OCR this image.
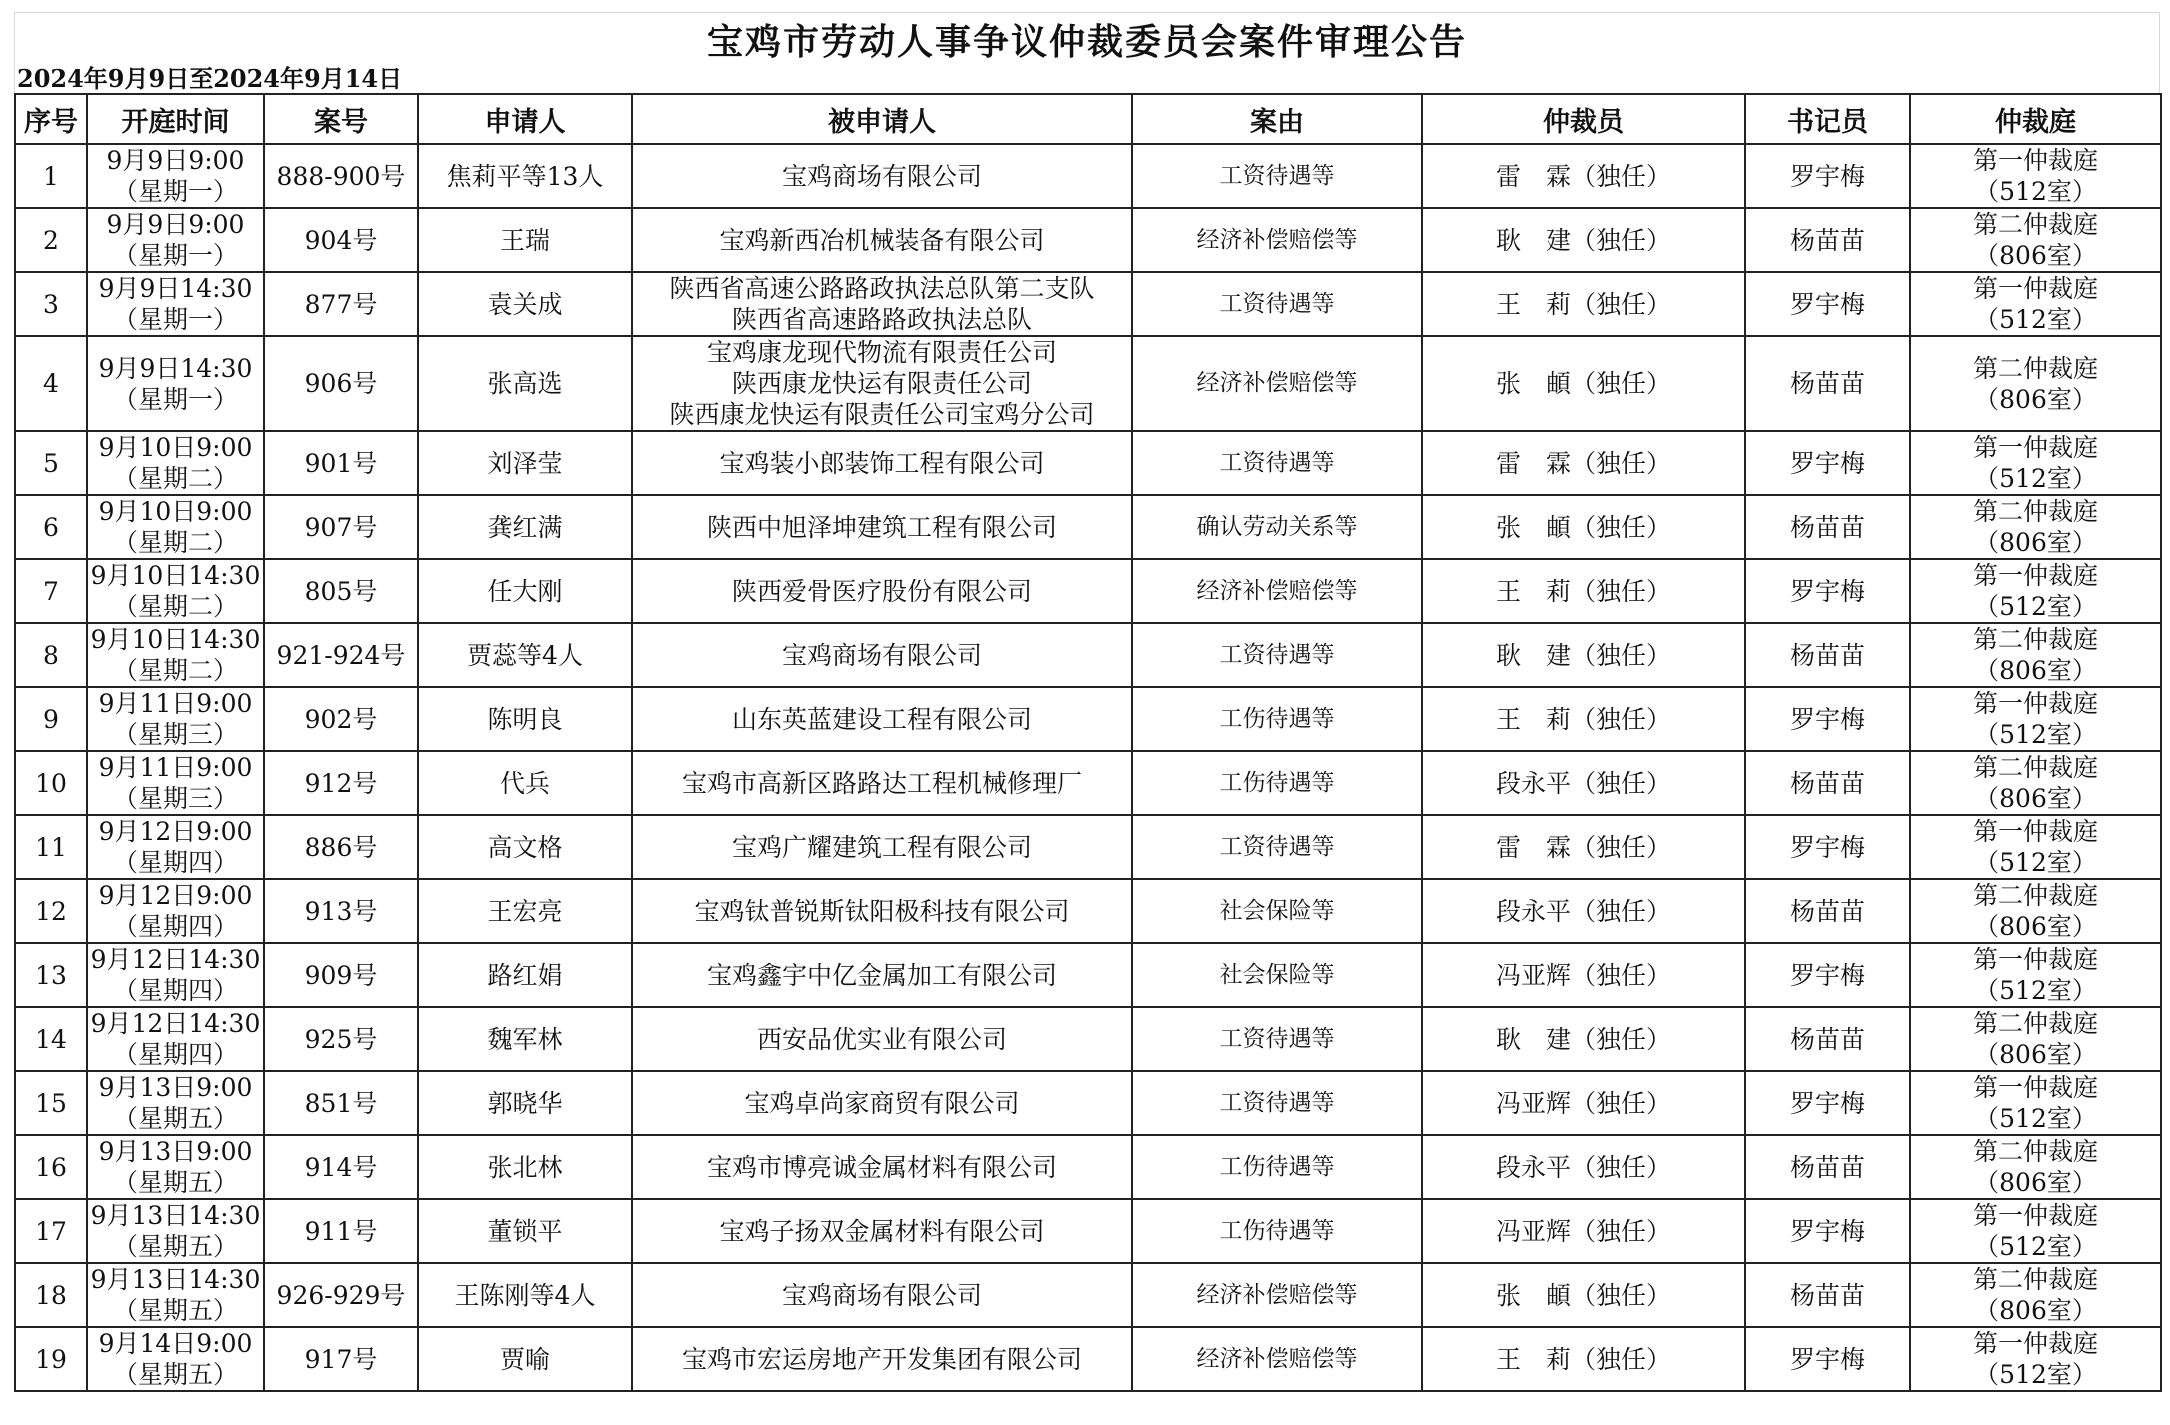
宝鸡市劳动人事争议仲裁委员会案件审理公告
2024年9月9日至2024年9月14日
序号	开庭时间	案号	申请人	被申请人	案由	仲裁员	书记员	仲裁庭
1	9月9日9:00
（星期一）	888-900号	焦莉平等13人	宝鸡商场有限公司	工资待遇等	雷　霖（独任）	罗宇梅	第一仲裁庭
（512室）

2	9月9日9:00
（星期一）	904号	王瑞	宝鸡新西冶机械装备有限公司	经济补偿赔偿等	耿　建（独任）	杨苗苗	第二仲裁庭
（806室）

3	9月9日14:30
（星期一）	877号	袁关成	陕西省高速公路路政执法总队第二支队
陕西省高速路路政执法总队	工资待遇等	王　莉（独任）	罗宇梅	第一仲裁庭
（512室）

4	9月9日14:30
（星期一）	906号	张高选	宝鸡康龙现代物流有限责任公司
陕西康龙快运有限责任公司
陕西康龙快运有限责任公司宝鸡分公司	经济补偿赔偿等	张　頔（独任）	杨苗苗	第二仲裁庭
（806室）

5	9月10日9:00
（星期二）	901号	刘泽莹	宝鸡装小郎装饰工程有限公司	工资待遇等	雷　霖（独任）	罗宇梅	第一仲裁庭
（512室）

6	9月10日9:00
（星期二）	907号	龚红满	陕西中旭泽坤建筑工程有限公司	确认劳动关系等	张　頔（独任）	杨苗苗	第二仲裁庭
（806室）

7	9月10日14:30
（星期二）	805号	任大刚	陕西爱骨医疗股份有限公司	经济补偿赔偿等	王　莉（独任）	罗宇梅	第一仲裁庭
（512室）

8	9月10日14:30
（星期二）	921-924号	贾蕊等4人	宝鸡商场有限公司	工资待遇等	耿　建（独任）	杨苗苗	第二仲裁庭
（806室）

9	9月11日9:00
（星期三）	902号	陈明良	山东英蓝建设工程有限公司	工伤待遇等	王　莉（独任）	罗宇梅	第一仲裁庭
（512室）

10	9月11日9:00
（星期三）	912号	代兵	宝鸡市高新区路路达工程机械修理厂	工伤待遇等	段永平（独任）	杨苗苗	第二仲裁庭
（806室）

11	9月12日9:00
（星期四）	886号	高文格	宝鸡广耀建筑工程有限公司	工资待遇等	雷　霖（独任）	罗宇梅	第一仲裁庭
（512室）

12	9月12日9:00
（星期四）	913号	王宏亮	宝鸡钛普锐斯钛阳极科技有限公司	社会保险等	段永平（独任）	杨苗苗	第二仲裁庭
（806室）

13	9月12日14:30
（星期四）	909号	路红娟	宝鸡鑫宇中亿金属加工有限公司	社会保险等	冯亚辉（独任）	罗宇梅	第一仲裁庭
（512室）

14	9月12日14:30
（星期四）	925号	魏军林	西安品优实业有限公司	工资待遇等	耿　建（独任）	杨苗苗	第二仲裁庭
（806室）

15	9月13日9:00
（星期五）	851号	郭晓华	宝鸡卓尚家商贸有限公司	工资待遇等	冯亚辉（独任）	罗宇梅	第一仲裁庭
（512室）

16	9月13日9:00
（星期五）	914号	张北林	宝鸡市博亮诚金属材料有限公司	工伤待遇等	段永平（独任）	杨苗苗	第二仲裁庭
（806室）

17	9月13日14:30
（星期五）	911号	董锁平	宝鸡子扬双金属材料有限公司	工伤待遇等	冯亚辉（独任）	罗宇梅	第一仲裁庭
（512室）

18	9月13日14:30
（星期五）	926-929号	王陈刚等4人	宝鸡商场有限公司	经济补偿赔偿等	张　頔（独任）	杨苗苗	第二仲裁庭
（806室）

19	9月14日9:00
（星期五）	917号	贾喻	宝鸡市宏运房地产开发集团有限公司	经济补偿赔偿等	王　莉（独任）	罗宇梅	第一仲裁庭
（512室）
